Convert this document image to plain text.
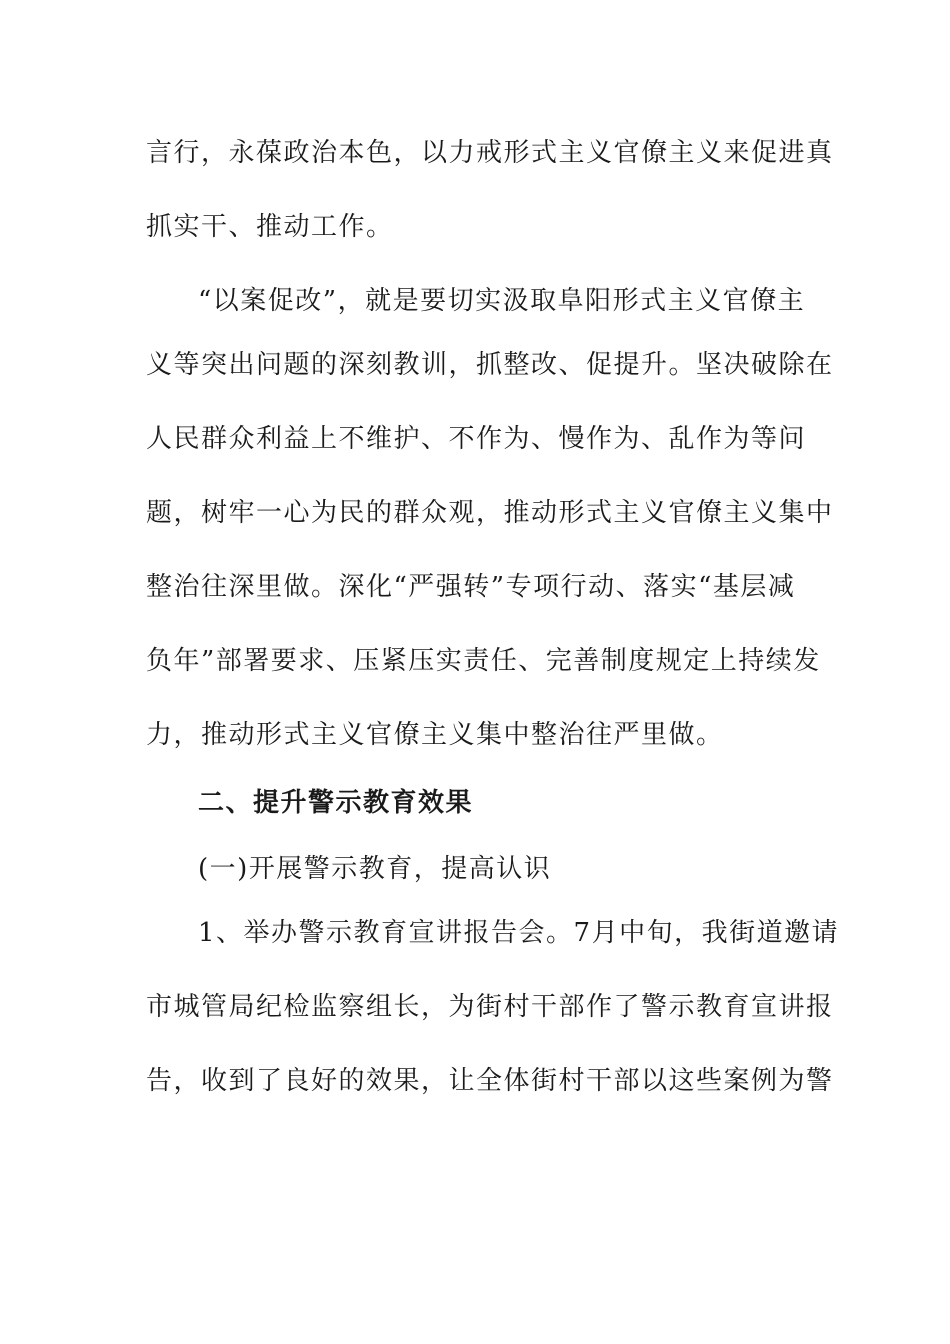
言行，永葆政治本色，以力戒形式主义官僚主义来促进真
抓实干、推动工作。
“以案促改”，就是要切实汲取阜阳形式主义官僚主
义等突出问题的深刻教训，抓整改、促提升。坚决破除在
人民群众利益上不维护、不作为、慢作为、乱作为等问
题，树牢一心为民的群众观，推动形式主义官僚主义集中
整治往深里做。深化“严强转”专项行动、落实“基层减
负年”部署要求、压紧压实责任、完善制度规定上持续发
力，推动形式主义官僚主义集中整治往严里做。
二、提升警示教育效果
(一)开展警示教育，提高认识
1、举办警示教育宣讲报告会。7月中旬，我街道邀请
市城管局纪检监察组长，为街村干部作了警示教育宣讲报
告，收到了良好的效果，让全体街村干部以这些案例为警
